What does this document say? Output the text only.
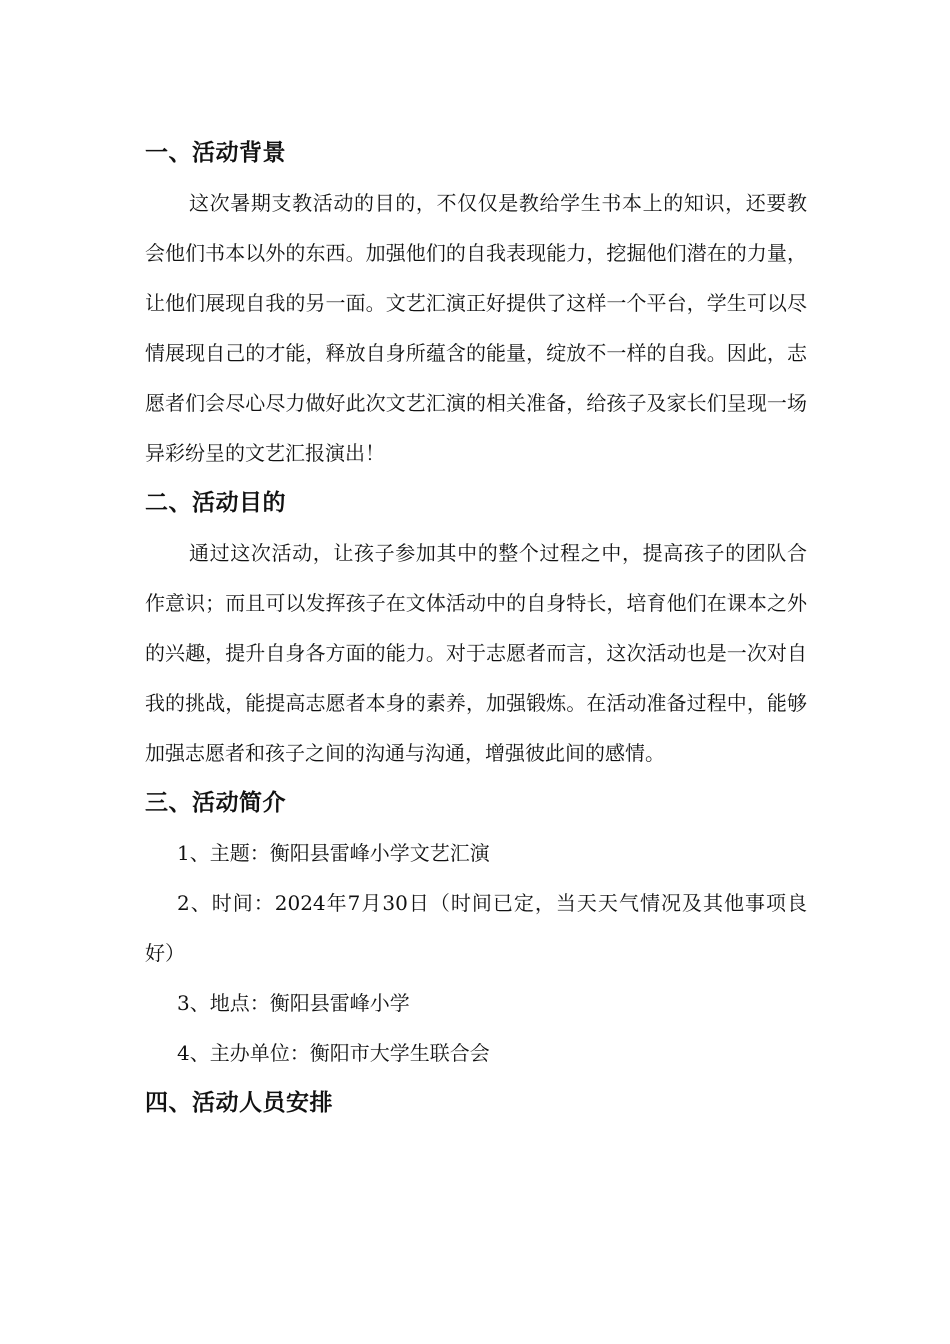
一、活动背景

这次暑期支教活动的目的，不仅仅是教给学生书本上的知识，还要教会他们书本以外的东西。加强他们的自我表现能力，挖掘他们潜在的力量，让他们展现自我的另一面。文艺汇演正好提供了这样一个平台，学生可以尽情展现自己的才能，释放自身所蕴含的能量，绽放不一样的自我。因此，志愿者们会尽心尽力做好此次文艺汇演的相关准备，给孩子及家长们呈现一场异彩纷呈的文艺汇报演出！

二、活动目的

通过这次活动，让孩子参加其中的整个过程之中，提高孩子的团队合作意识；而且可以发挥孩子在文体活动中的自身特长，培育他们在课本之外的兴趣，提升自身各方面的能力。对于志愿者而言，这次活动也是一次对自我的挑战，能提高志愿者本身的素养，加强锻炼。在活动准备过程中，能够加强志愿者和孩子之间的沟通与沟通，增强彼此间的感情。

三、活动简介

1、主题：衡阳县雷峰小学文艺汇演

2、时间：2024年7月30日（时间已定，当天天气情况及其他事项良好）

3、地点：衡阳县雷峰小学

4、主办单位：衡阳市大学生联合会

四、活动人员安排
